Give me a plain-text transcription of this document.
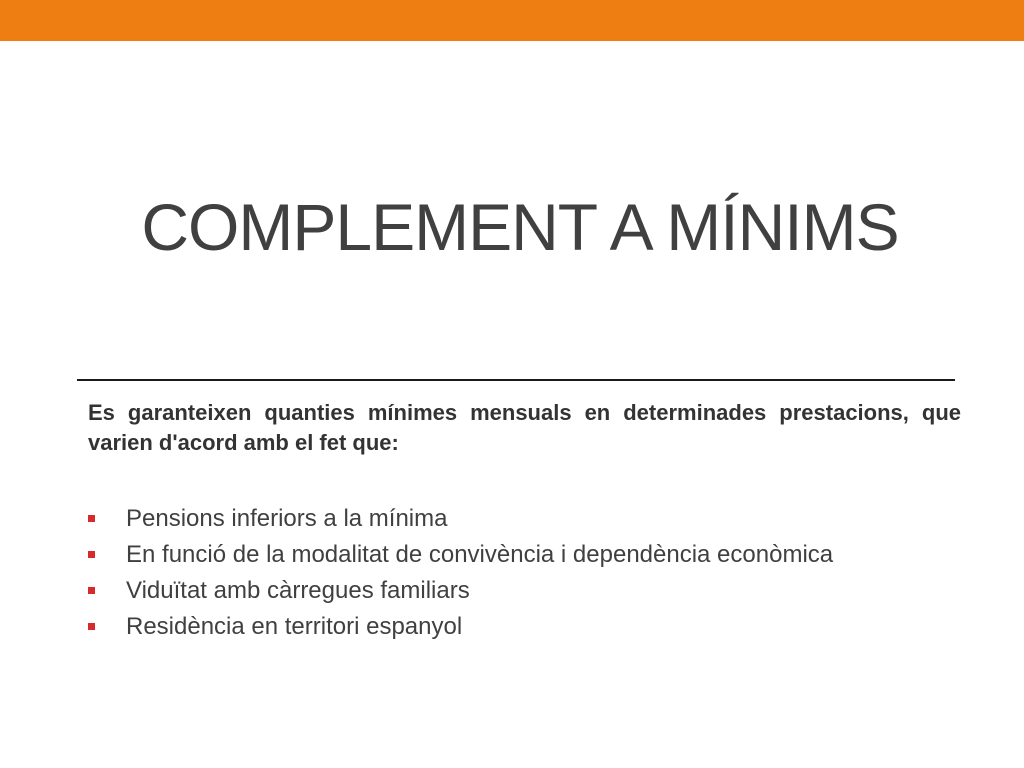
COMPLEMENT A MÍNIMS

Es garanteixen quanties mínimes mensuals en determinades prestacions, que varien d'acord amb el fet que:

Pensions inferiors a la mínima
En funció de la modalitat de convivència i dependència econòmica
Viduïtat amb càrregues familiars
Residència en territori espanyol
